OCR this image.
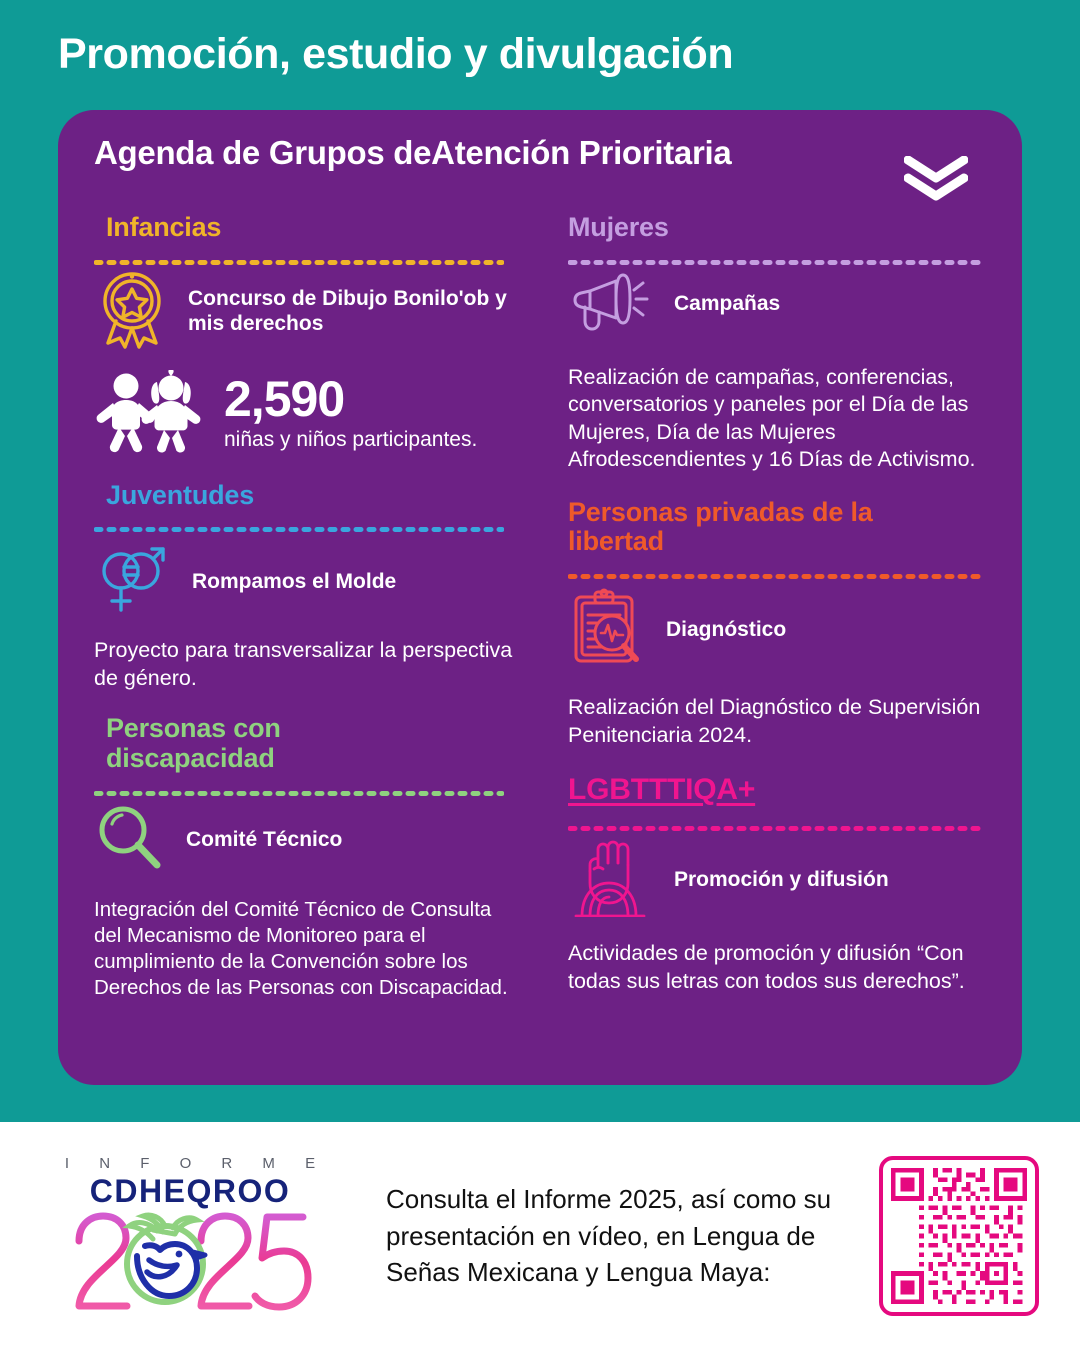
Promoción, estudio y divulgación
Agenda de Grupos deAtención Prioritaria
Infancias
Concurso de Dibujo Bonilo'ob y mis derechos
2,590
niñas y niños participantes.
Juventudes
Rompamos el Molde
Proyecto para transversalizar la perspectiva de género.
Personas con discapacidad
Comité Técnico
Integración del Comité Técnico de Consulta del Mecanismo de Monitoreo para el cumplimiento de la Convención sobre los Derechos de las Personas con Discapacidad.
Mujeres
Campañas
Realización de campañas, conferencias, conversatorios y paneles por el Día de las Mujeres, Día de las Mujeres Afrodescendientes y 16 Días de Activismo.
Personas privadas de la libertad
Diagnóstico
Realización del Diagnóstico de Supervisión Penitenciaria 2024.
LGBTTTIQA+
Promoción y difusión
Actividades de promoción y difusión “Con todas sus letras con todos sus derechos”.
I N F O R M E
CDHEQROO	Consulta el Informe 2025, así como su presentación en vídeo, en Lengua de Señas Mexicana y Lengua Maya:
